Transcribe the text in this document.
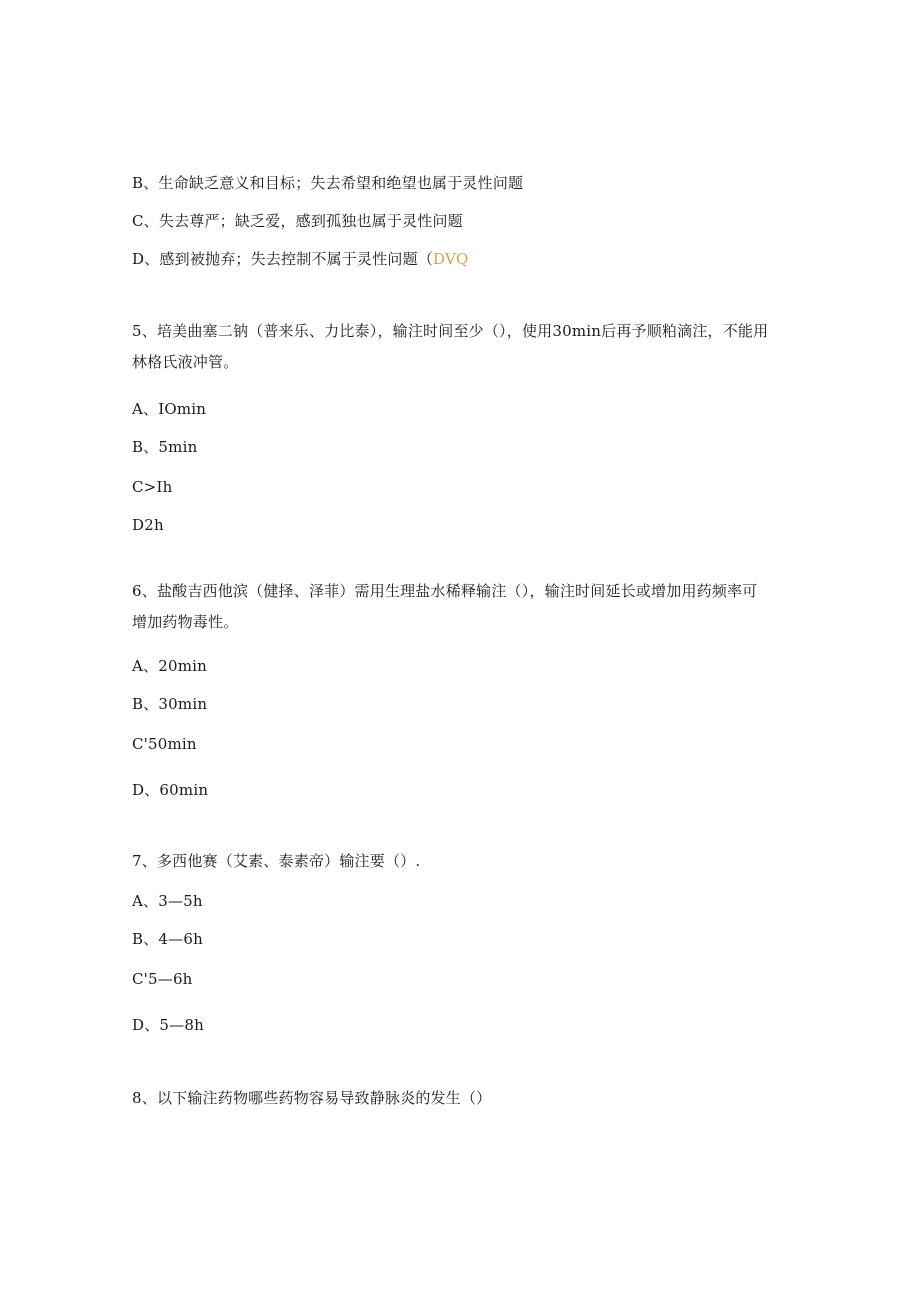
B、生命缺乏意义和目标；失去希望和绝望也属于灵性问题
C、失去尊严；缺乏爱，感到孤独也属于灵性问题
D、感到被抛弃；失去控制不属于灵性问题（DVQ
5、培美曲塞二钠（普来乐、力比泰），输注时间至少（），使用30min后再予顺粕滴注，不能用林格氏液冲管。
A、IOmin
B、5min
C>Ih
D2h
6、盐酸吉西他滨（健择、泽菲）需用生理盐水稀释输注（），输注时间延长或增加用药频率可增加药物毒性。
A、20min
B、30min
C'50min
D、60min
7、多西他赛（艾素、泰素帝）输注要（）.
A、3—5h
B、4—6h
C'5—6h
D、5—8h
8、以下输注药物哪些药物容易导致静脉炎的发生（）
